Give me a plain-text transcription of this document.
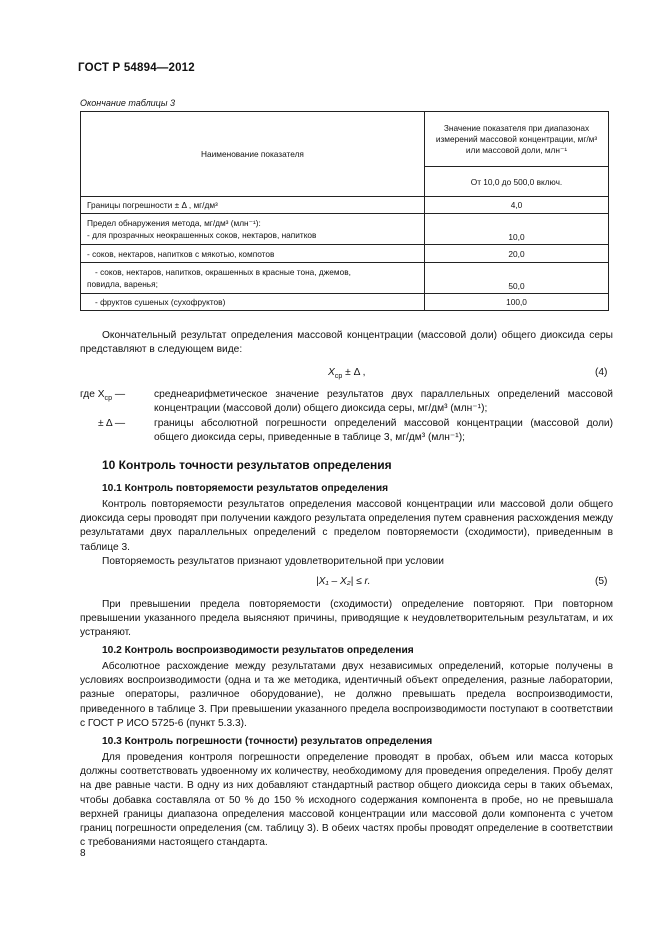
ГОСТ Р 54894—2012
Окончание таблицы 3
Наименование показателя	Значение показателя при диапазонах измерений массовой концентрации, мг/м³ или массовой доли, млн⁻¹
	От 10,0 до 500,0 включ.
Границы погрешности ± Δ , мг/дм³	4,0

Предел обнаружения метода, мг/дм³ (млн⁻¹):
- для прозрачных неокрашенных соков, нектаров, напитков	10,0
- соков, нектаров, напитков с мякотью, компотов	20,0

- соков, нектаров, напитков, окрашенных в красные тона, джемов,
повидла, варенья;	50,0
- фруктов сушеных (сухофруктов)	100,0
Окончательный результат определения массовой концентрации (массовой доли) общего диоксида серы представляют в следующем виде:
$X_{ср} \pm \Delta$ ,	(4)
где $X_{ср}$ —	среднеарифметическое значение результатов двух параллельных определений массовой концентрации (массовой доли) общего диоксида серы, мг/дм³ (млн⁻¹);
± Δ —	границы абсолютной погрешности определений массовой концентрации (массовой доли) общего диоксида серы, приведенные в таблице 3, мг/дм³ (млн⁻¹);
10 Контроль точности результатов определения
10.1 Контроль повторяемости результатов определения
Контроль повторяемости результатов определения массовой концентрации или массовой доли общего диоксида серы проводят при получении каждого результата определения путем сравнения расхождения между результатами двух параллельных определений с пределом повторяемости (сходимости), приведенным в таблице 3.
Повторяемость результатов признают удовлетворительной при условии
|X₁ – X₂| ≤ r.	(5)
При превышении предела повторяемости (сходимости) определение повторяют. При повторном превышении указанного предела выясняют причины, приводящие к неудовлетворительным результатам, и их устраняют.
10.2 Контроль воспроизводимости результатов определения
Абсолютное расхождение между результатами двух независимых определений, которые получены в условиях воспроизводимости (одна и та же методика, идентичный объект определения, разные лаборатории, разные операторы, различное оборудование), не должно превышать предела воспроизводимости, приведенного в таблице 3. При превышении указанного предела воспроизводимости поступают в соответствии с ГОСТ Р ИСО 5725-6 (пункт 5.3.3).
10.3 Контроль погрешности (точности) результатов определения
Для проведения контроля погрешности определение проводят в пробах, объем или масса которых должны соответствовать удвоенному их количеству, необходимому для проведения определения. Пробу делят на две равные части. В одну из них добавляют стандартный раствор общего диоксида серы в таких объемах, чтобы добавка составляла от 50 % до 150 % исходного содержания компонента в пробе, но не превышала верхней границы диапазона определения массовой концентрации или массовой доли компонента с учетом границ погрешности определения (см. таблицу 3). В обеих частях пробы проводят определение в соответствии с требованиями настоящего стандарта.
8
